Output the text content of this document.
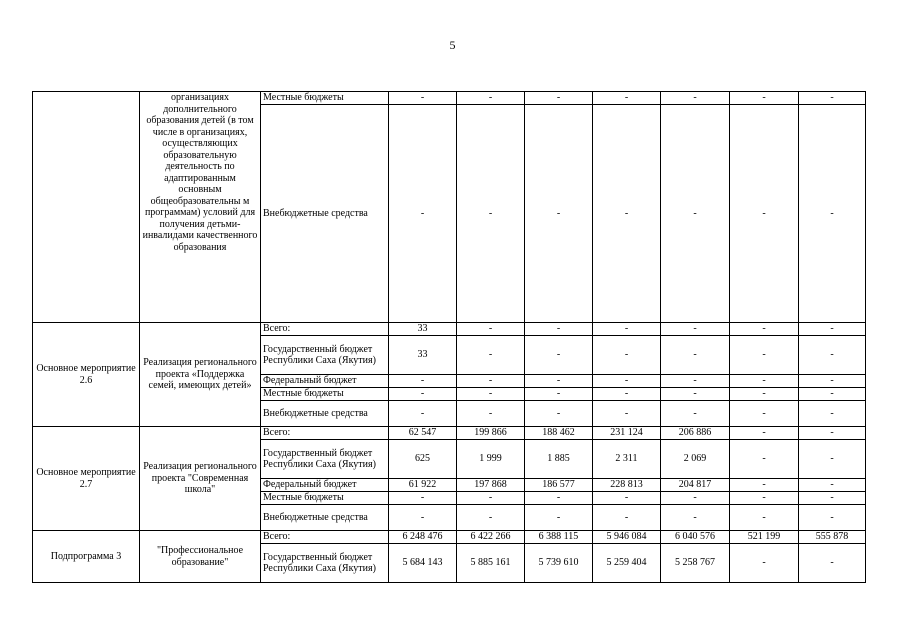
5
	организациях дополнительного образования детей (в том числе в организациях, осуществляющих образовательную деятельность по адаптированным основным общеобразовательны м программам) условий для получения детьми-инвалидами качественного образования	Местные бюджеты	-	-	-	-	-	-	-
		Внебюджетные средства	-	-	-	-	-	-	-
Основное мероприятие 2.6	Реализация регионального проекта «Поддержка семей, имеющих детей»	Всего:	33	-	-	-	-	-	-
		Государственный бюджет Республики Саха (Якутия)	33	-	-	-	-	-	-
		Федеральный бюджет	-	-	-	-	-	-	-
		Местные бюджеты	-	-	-	-	-	-	-
		Внебюджетные средства	-	-	-	-	-	-	-
Основное мероприятие 2.7	Реализация регионального проекта "Современная школа"	Всего:	62 547	199 866	188 462	231 124	206 886	-	-
		Государственный бюджет Республики Саха (Якутия)	625	1 999	1 885	2 311	2 069	-	-
		Федеральный бюджет	61 922	197 868	186 577	228 813	204 817	-	-
		Местные бюджеты	-	-	-	-	-	-	-
		Внебюджетные средства	-	-	-	-	-	-	-
Подпрограмма 3	"Профессиональное образование"	Всего:	6 248 476	6 422 266	6 388 115	5 946 084	6 040 576	521 199	555 878
		Государственный бюджет Республики Саха (Якутия)	5 684 143	5 885 161	5 739 610	5 259 404	5 258 767	-	-
